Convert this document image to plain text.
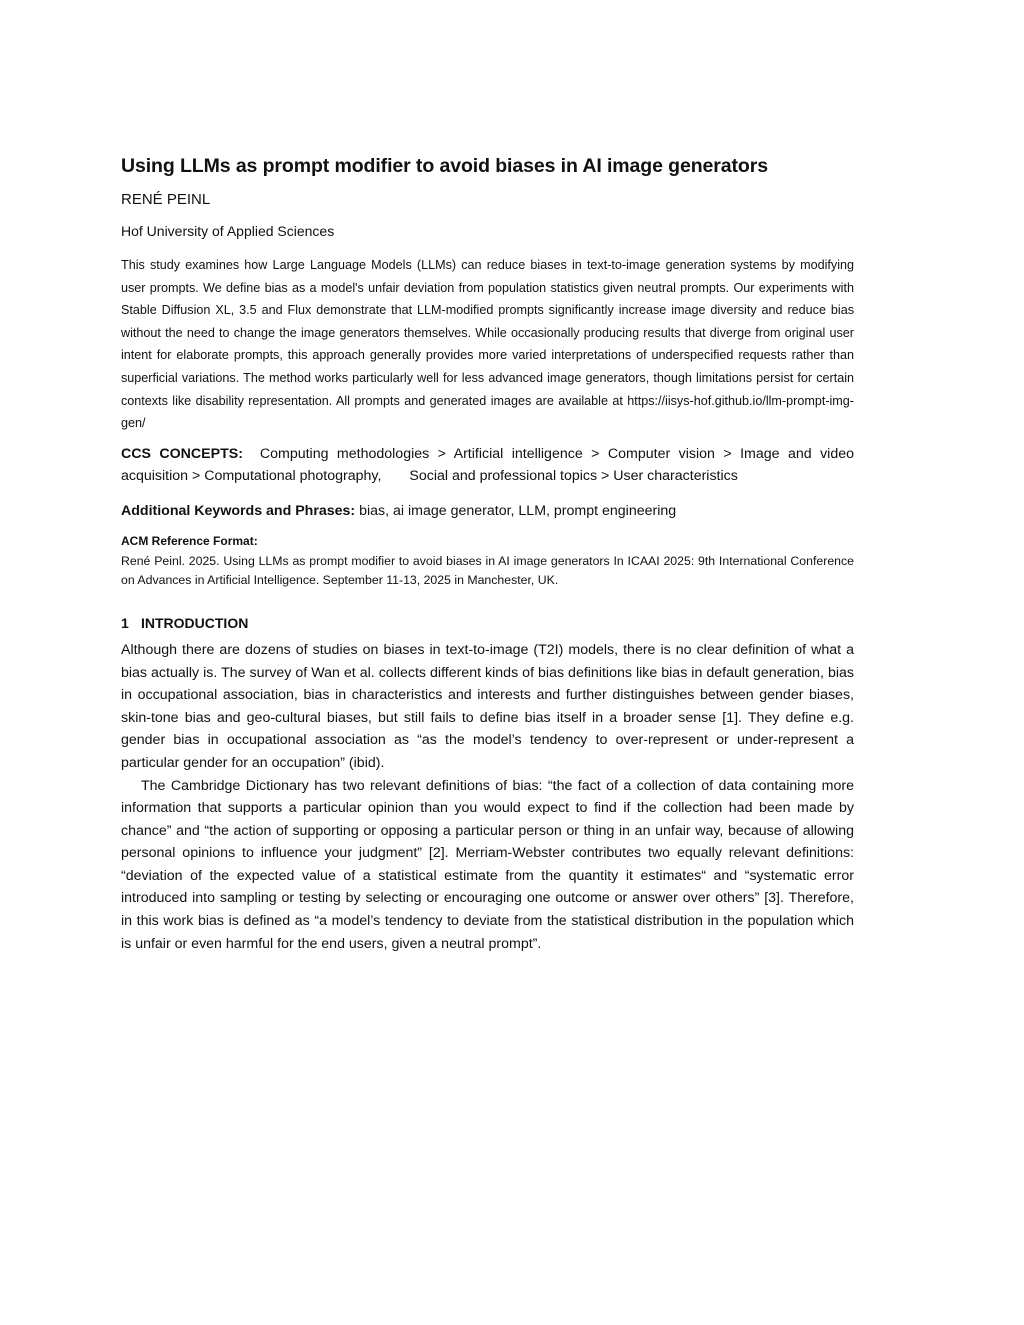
Using LLMs as prompt modifier to avoid biases in AI image generators
RENÉ PEINL
Hof University of Applied Sciences
This study examines how Large Language Models (LLMs) can reduce biases in text-to-image generation systems by modifying user prompts. We define bias as a model's unfair deviation from population statistics given neutral prompts. Our experiments with Stable Diffusion XL, 3.5 and Flux demonstrate that LLM-modified prompts significantly increase image diversity and reduce bias without the need to change the image generators themselves. While occasionally producing results that diverge from original user intent for elaborate prompts, this approach generally provides more varied interpretations of underspecified requests rather than superficial variations. The method works particularly well for less advanced image generators, though limitations persist for certain contexts like disability representation. All prompts and generated images are available at https://iisys-hof.github.io/llm-prompt-img-gen/
CCS CONCEPTS: Computing methodologies > Artificial intelligence > Computer vision > Image and video acquisition > Computational photography, Social and professional topics > User characteristics
Additional Keywords and Phrases: bias, ai image generator, LLM, prompt engineering
ACM Reference Format:
René Peinl. 2025. Using LLMs as prompt modifier to avoid biases in AI image generators In ICAAI 2025: 9th International Conference on Advances in Artificial Intelligence. September 11-13, 2025 in Manchester, UK.
1 INTRODUCTION

Although there are dozens of studies on biases in text-to-image (T2I) models, there is no clear definition of what a bias actually is. The survey of Wan et al. collects different kinds of bias definitions like bias in default generation, bias in occupational association, bias in characteristics and interests and further distinguishes between gender biases, skin-tone bias and geo-cultural biases, but still fails to define bias itself in a broader sense [1]. They define e.g. gender bias in occupational association as “as the model’s tendency to over-represent or under-represent a particular gender for an occupation” (ibid).

The Cambridge Dictionary has two relevant definitions of bias: “the fact of a collection of data containing more information that supports a particular opinion than you would expect to find if the collection had been made by chance” and “the action of supporting or opposing a particular person or thing in an unfair way, because of allowing personal opinions to influence your judgment” [2]. Merriam-Webster contributes two equally relevant definitions: “deviation of the expected value of a statistical estimate from the quantity it estimates“ and “systematic error introduced into sampling or testing by selecting or encouraging one outcome or answer over others” [3]. Therefore, in this work bias is defined as “a model’s tendency to deviate from the statistical distribution in the population which is unfair or even harmful for the end users, given a neutral prompt”.
